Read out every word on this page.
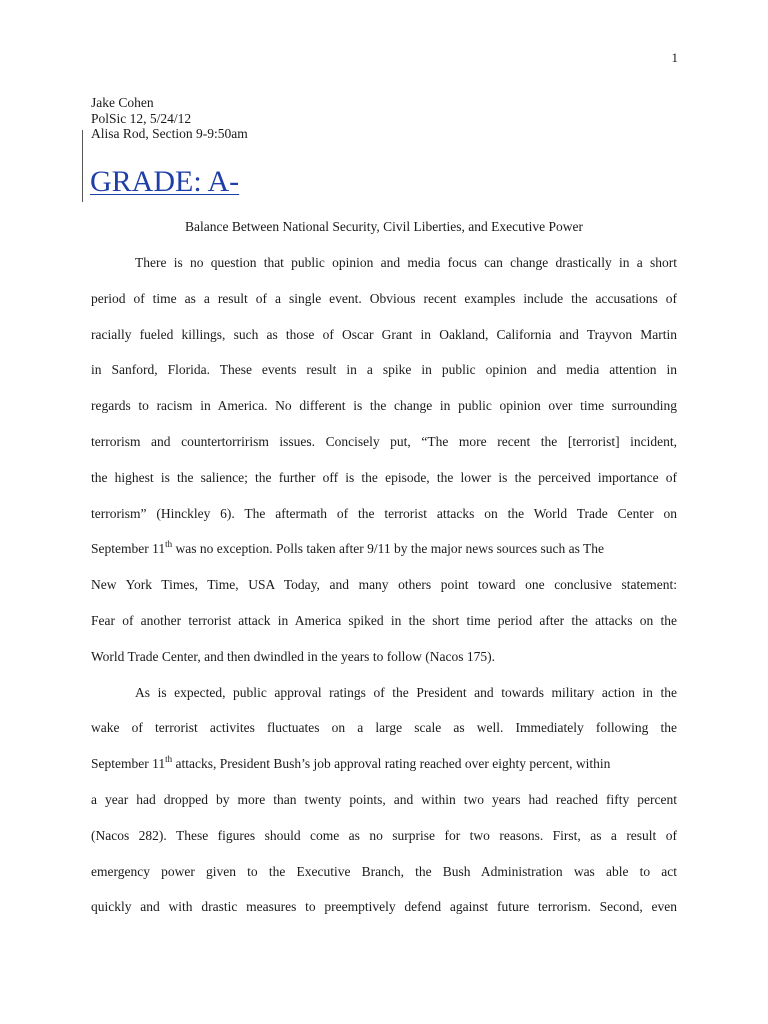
1
Jake Cohen
PolSic 12, 5/24/12
Alisa Rod, Section 9-9:50am
GRADE: A-
Balance Between National Security, Civil Liberties, and Executive Power
There is no question that public opinion and media focus can change drastically in a short
period of time as a result of a single event. Obvious recent examples include the accusations of
racially fueled killings, such as those of Oscar Grant in Oakland, California and Trayvon Martin
in Sanford, Florida. These events result in a spike in public opinion and media attention in
regards to racism in America. No different is the change in public opinion over time surrounding
terrorism and countertorrirism issues. Concisely put, “The more recent the [terrorist] incident,
the highest is the salience; the further off is the episode, the lower is the perceived importance of
terrorism” (Hinckley 6). The aftermath of the terrorist attacks on the World Trade Center on
September 11th was no exception. Polls taken after 9/11 by the major news sources such as The
New York Times, Time, USA Today, and many others point toward one conclusive statement:
Fear of another terrorist attack in America spiked in the short time period after the attacks on the
World Trade Center, and then dwindled in the years to follow (Nacos 175).
As is expected, public approval ratings of the President and towards military action in the
wake of terrorist activites fluctuates on a large scale as well. Immediately following the
September 11th attacks, President Bush’s job approval rating reached over eighty percent, within
a year had dropped by more than twenty points, and within two years had reached fifty percent
(Nacos 282). These figures should come as no surprise for two reasons. First, as a result of
emergency power given to the Executive Branch, the Bush Administration was able to act
quickly and with drastic measures to preemptively defend against future terrorism. Second, even
